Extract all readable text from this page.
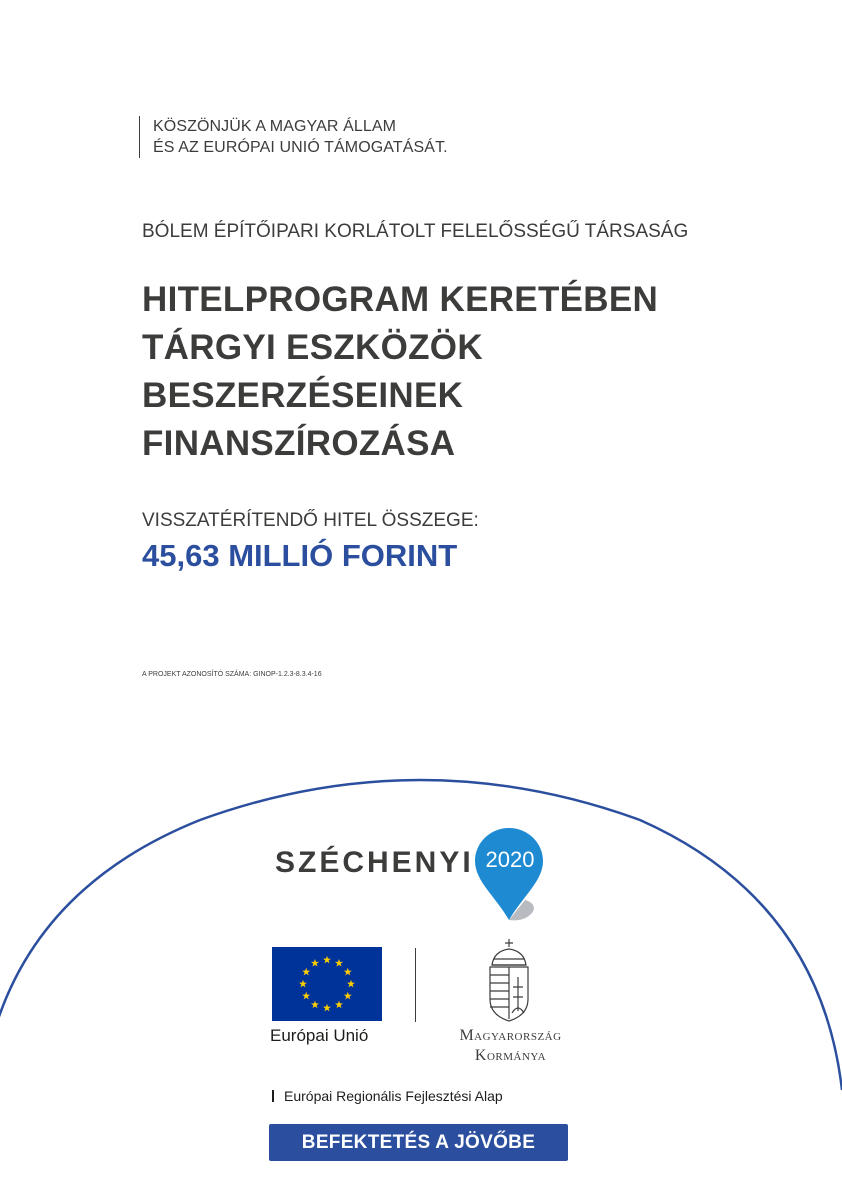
KÖSZÖNJÜK A MAGYAR ÁLLAM
ÉS AZ EURÓPAI UNIÓ TÁMOGATÁSÁT.
BÓLEM ÉPÍTŐIPARI KORLÁTOLT FELELŐSSÉGŰ TÁRSASÁG
HITELPROGRAM KERETÉBEN
TÁRGYI ESZKÖZÖK
BESZERZÉSEINEK
FINANSZÍROZÁSA
VISSZATÉRÍTENDŐ HITEL ÖSSZEGE:
45,63 MILLIÓ FORINT
A PROJEKT AZONOSÍTÓ SZÁMA: GINOP-1.2.3-8.3.4-16
SZÉCHENYI 2020
Európai Unió	Magyarország
Kormánya
Európai Regionális Fejlesztési Alap
BEFEKTETÉS A JÖVŐBE
